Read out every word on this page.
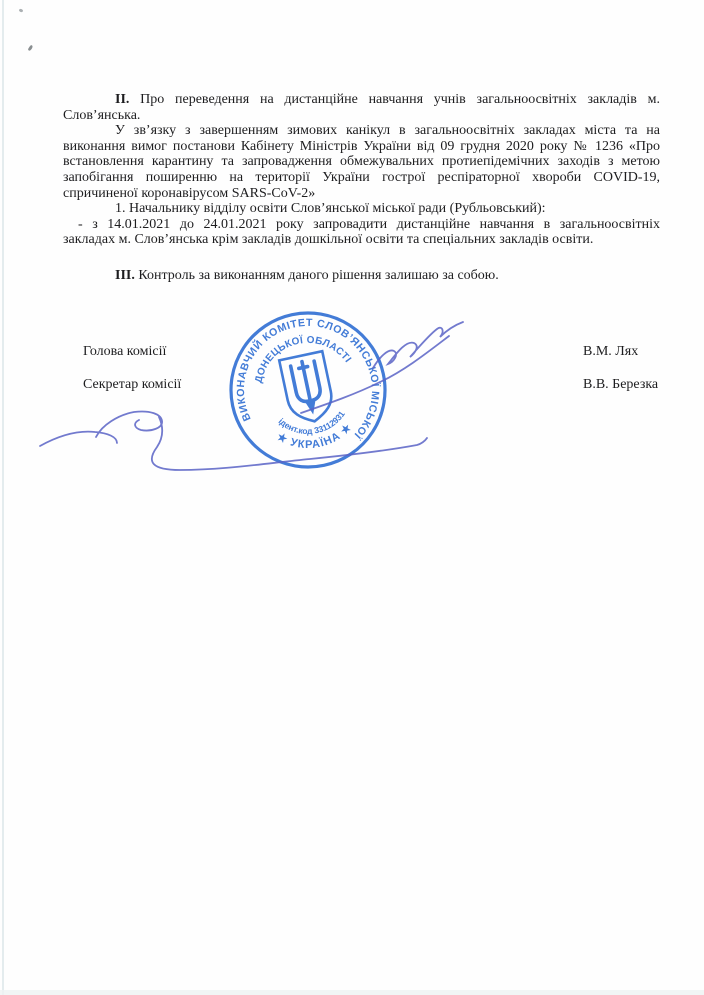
II. Про переведення на дистанційне навчання учнів загальноосвітніх закладів м.
Слов’янська.
У зв’язку з завершенням зимових канікул в загальноосвітніх закладах міста та на
виконання вимог постанови Кабінету Міністрів України від 09 грудня 2020 року № 1236 «Про
встановлення карантину та запровадження обмежувальних протиепідемічних заходів з метою
запобігання поширенню на території України гострої респіраторної хвороби COVID-19,
спричиненої коронавірусом SARS-CoV-2»
1. Начальнику відділу освіти Слов’янської міської ради (Рубльовський):
- з 14.01.2021 до 24.01.2021 року запровадити дистанційне навчання в загальноосвітніх
закладах м. Слов’янська крім закладів дошкільної освіти та спеціальних закладів освіти.
III. Контроль за виконанням даного рішення залишаю за собою.
Голова комісії	В.М. Лях
Секретар комісії	В.В. Березка
ВИКОНАВЧИЙ КОМІТЕТ СЛОВ’ЯНСЬКОЇ МІСЬКОЇ РАДИ
ДОНЕЦЬКОЇ ОБЛАСТІ
ідент.код 33112931
★ УКРАЇНА ★
